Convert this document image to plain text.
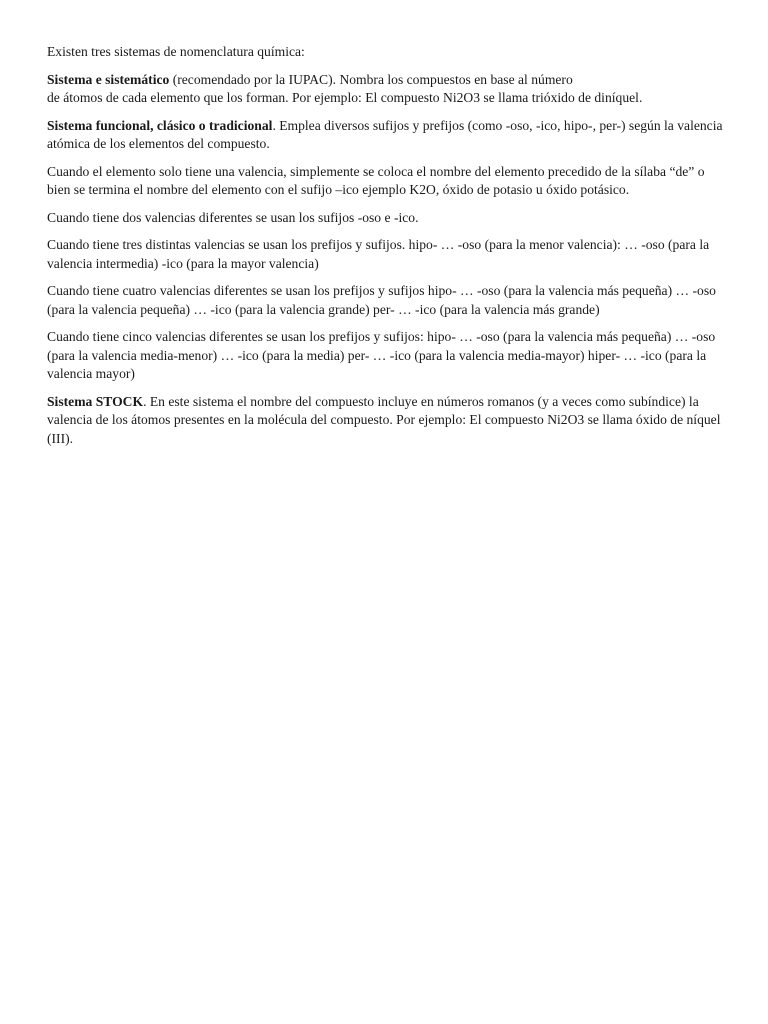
Existen tres sistemas de nomenclatura química:

Sistema e sistemático (recomendado por la IUPAC). Nombra los compuestos en base al número
de átomos de cada elemento que los forman. Por ejemplo: El compuesto Ni2O3 se llama trióxido de diníquel.

Sistema funcional, clásico o tradicional. Emplea diversos sufijos y prefijos (como -oso, -ico, hipo-, per-) según la valencia atómica de los elementos del compuesto.

Cuando el elemento solo tiene una valencia, simplemente se coloca el nombre del elemento precedido de la sílaba “de” o bien se termina el nombre del elemento con el sufijo –ico ejemplo K2O, óxido de potasio u óxido potásico.

Cuando tiene dos valencias diferentes se usan los sufijos -oso e -ico.

Cuando tiene tres distintas valencias se usan los prefijos y sufijos. hipo- … -oso (para la menor valencia): … -oso (para la valencia intermedia) -ico (para la mayor valencia)

Cuando tiene cuatro valencias diferentes se usan los prefijos y sufijos hipo- … -oso (para la valencia más pequeña) … -oso (para la valencia pequeña) … -ico (para la valencia grande) per- … -ico (para la valencia más grande)

Cuando tiene cinco valencias diferentes se usan los prefijos y sufijos: hipo- … -oso (para la valencia más pequeña) … -oso (para la valencia media-menor) … -ico (para la media) per- … -ico (para la valencia media-mayor) hiper- … -ico (para la valencia mayor)

Sistema STOCK. En este sistema el nombre del compuesto incluye en números romanos (y a veces como subíndice) la valencia de los átomos presentes en la molécula del compuesto. Por ejemplo: El compuesto Ni2O3 se llama óxido de níquel (III).
